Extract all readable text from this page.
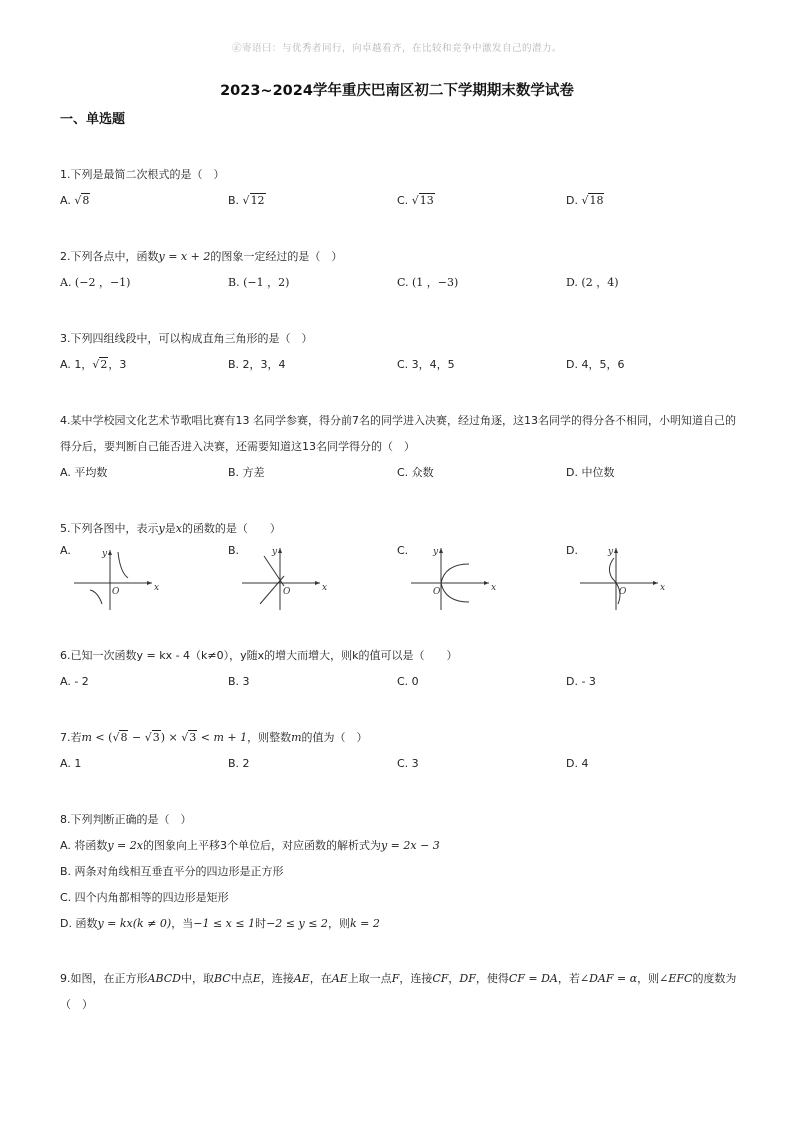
㊣寄语曰：与优秀者同行，向卓越看齐，在比较和竞争中激发自己的潜力。
2023~2024学年重庆巴南区初二下学期期末数学试卷
一、单选题
1.下列是最简二次根式的是（　）
A. √8	B. √12	C. √13	D. √18
2.下列各点中，函数y = x + 2的图象一定经过的是（　）
A. (−2 ，−1)	B. (−1 ，2)	C. (1 ，−3)	D. (2 ，4)
3.下列四组线段中，可以构成直角三角形的是（　）
A. 1，√2，3	B. 2，3，4	C. 3，4，5	D. 4，5，6
4.某中学校园文化艺术节歌唱比赛有13 名同学参赛，得分前7名的同学进入决赛，经过角逐，这13名同学的得分各不相同，小明知道自己的得分后，要判断自己能否进入决赛，还需要知道这13名同学得分的（　）
A. 平均数	B. 方差	C. 众数	D. 中位数
5.下列各图中，表示y是x的函数的是（　　）
A.	y
x
O
B.	y
x
O
C.	y
x
O
D.	y
x
O
6.已知一次函数y = kx - 4（k≠0），y随x的增大而增大，则k的值可以是（　　）
A. - 2	B. 3	C. 0	D. - 3
7.若m < (√8 − √3) × √3 < m + 1，则整数m的值为（　）
A. 1	B. 2	C. 3	D. 4
8.下列判断正确的是（　）
A. 将函数y = 2x的图象向上平移3个单位后，对应函数的解析式为y = 2x − 3
B. 两条对角线相互垂直平分的四边形是正方形
C. 四个内角都相等的四边形是矩形
D. 函数y = kx(k ≠ 0)，当−1 ≤ x ≤ 1时−2 ≤ y ≤ 2，则k = 2
9.如图，在正方形ABCD中，取BC中点E，连接AE，在AE上取一点F，连接CF，DF，使得CF = DA，若∠DAF = α，则∠EFC的度数为（　）
